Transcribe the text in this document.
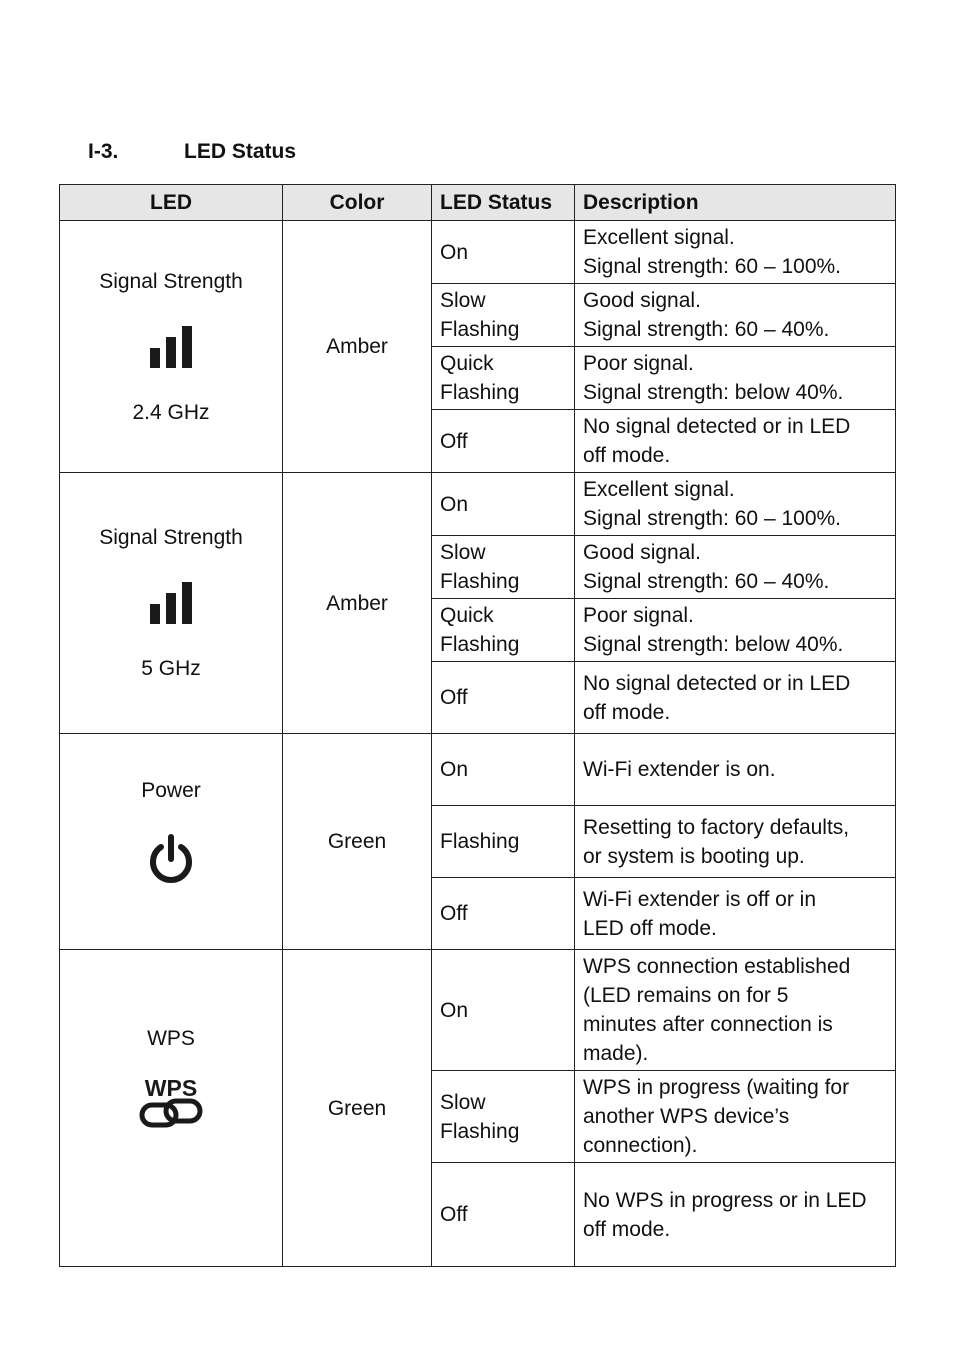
I-3.	LED Status
LED	Color	LED Status	Description

Signal Strength
2.4 GHz	Amber	On	Excellent signal.
Signal strength: 60 – 100%.

		Slow Flashing	Good signal.
Signal strength: 60 – 40%.

		Quick Flashing	Poor signal.
Signal strength: below 40%.

		Off	No signal detected or in LED
off mode.

Signal Strength
5 GHz	Amber	On	Excellent signal.
Signal strength: 60 – 100%.

		Slow Flashing	Good signal.
Signal strength: 60 – 40%.

		Quick Flashing	Poor signal.
Signal strength: below 40%.

		Off	No signal detected or in LED
off mode.

Power	Green	On	Wi-Fi extender is on.

		Flashing	Resetting to factory defaults,
or system is booting up.

		Off	Wi-Fi extender is off or in
LED off mode.

WPS
WPS	Green	On	WPS connection established
(LED remains on for 5
minutes after connection is
made).

		Slow Flashing	WPS in progress (waiting for
another WPS device’s
connection).

		Off	No WPS in progress or in LED
off mode.
